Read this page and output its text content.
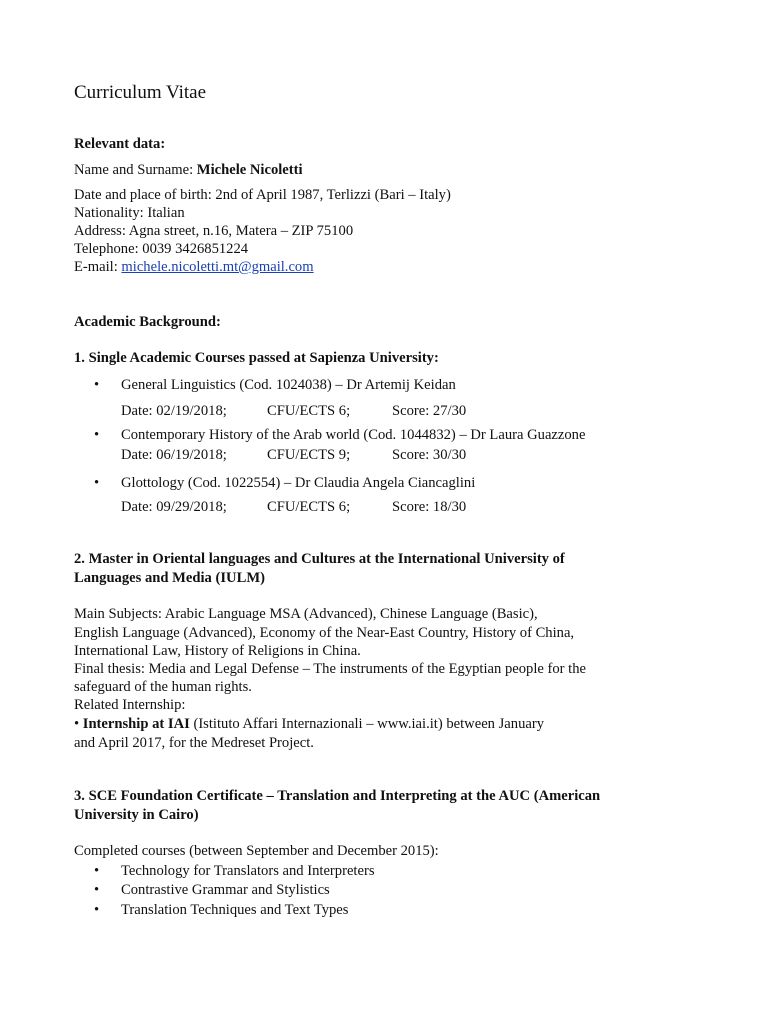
Curriculum Vitae
Relevant data:
Name and Surname: Michele Nicoletti
Date and place of birth: 2nd of April 1987, Terlizzi (Bari – Italy)
Nationality: Italian
Address: Agna street, n.16, Matera – ZIP 75100
Telephone: 0039 3426851224
E-mail: michele.nicoletti.mt@gmail.com
Academic Background:
1. Single Academic Courses passed at Sapienza University:
• General Linguistics (Cod. 1024038) – Dr Artemij Keidan
Date: 02/19/2018;	CFU/ECTS 6;	Score: 27/30
• Contemporary History of the Arab world (Cod. 1044832) – Dr Laura Guazzone
Date: 06/19/2018;	CFU/ECTS 9;	Score: 30/30
• Glottology (Cod. 1022554) – Dr Claudia Angela Ciancaglini
Date: 09/29/2018;	CFU/ECTS 6;	Score: 18/30
2. Master in Oriental languages and Cultures at the International University of
Languages and Media (IULM)
Main Subjects: Arabic Language MSA (Advanced), Chinese Language (Basic),
English Language (Advanced), Economy of the Near-East Country, History of China,
International Law, History of Religions in China.
Final thesis: Media and Legal Defense – The instruments of the Egyptian people for the
safeguard of the human rights.
Related Internship:
• Internship at IAI (Istituto Affari Internazionali – www.iai.it) between January
and April 2017, for the Medreset Project.
3. SCE Foundation Certificate – Translation and Interpreting at the AUC (American
University in Cairo)
Completed courses (between September and December 2015):
• Technology for Translators and Interpreters
• Contrastive Grammar and Stylistics
• Translation Techniques and Text Types
